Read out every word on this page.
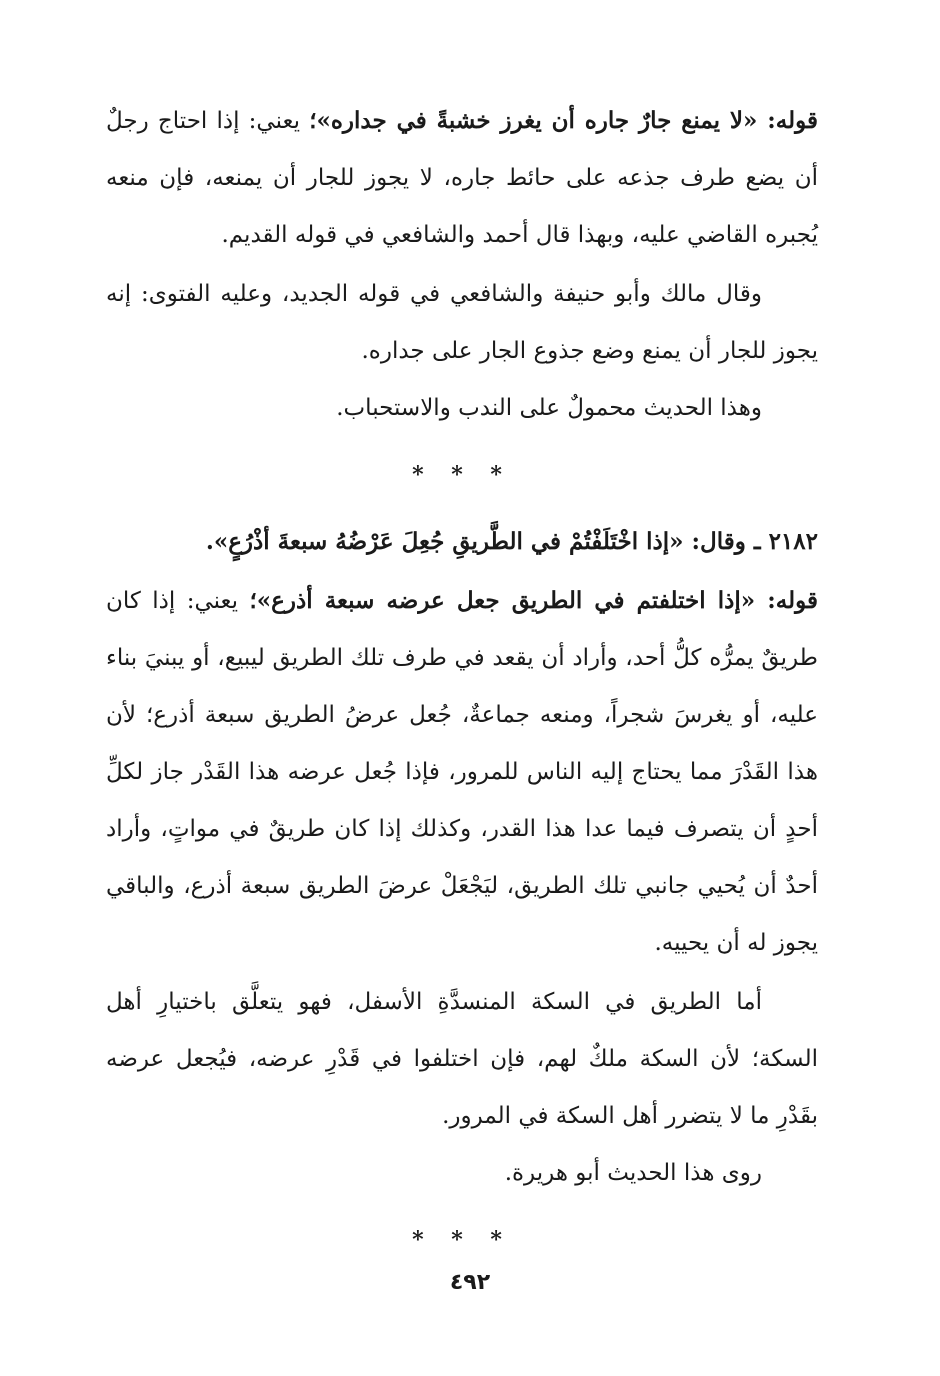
قوله: «لا يمنع جارٌ جاره أن يغرز خشبةً في جداره»؛ يعني: إذا احتاج رجلٌ أن يضع طرف جذعه على حائط جاره، لا يجوز للجار أن يمنعه، فإن منعه يُجبره القاضي عليه، وبهذا قال أحمد والشافعي في قوله القديم.

وقال مالك وأبو حنيفة والشافعي في قوله الجديد، وعليه الفتوى: إنه يجوز للجار أن يمنع وضع جذوع الجار على جداره.

وهذا الحديث محمولٌ على الندب والاستحباب.

* * *

٢١٨٢ ـ وقال: «إذا اخْتَلَفْتُمْ في الطَّريقِ جُعِلَ عَرْضُهُ سبعةَ أذْرُعٍ».

قوله: «إذا اختلفتم في الطريق جعل عرضه سبعة أذرع»؛ يعني: إذا كان طريقٌ يمرُّه كلُّ أحد، وأراد أن يقعد في طرف تلك الطريق ليبيع، أو يبنيَ بناء عليه، أو يغرسَ شجراً، ومنعه جماعةٌ، جُعل عرضُ الطريق سبعة أذرع؛ لأن هذا القَدْرَ مما يحتاج إليه الناس للمرور، فإذا جُعل عرضه هذا القَدْر جاز لكلِّ أحدٍ أن يتصرف فيما عدا هذا القدر، وكذلك إذا كان طريقٌ في مواتٍ، وأراد أحدٌ أن يُحيي جانبي تلك الطريق، ليَجْعَلْ عرضَ الطريق سبعة أذرع، والباقي يجوز له أن يحييه.

أما الطريق في السكة المنسدَّةِ الأسفل، فهو يتعلَّق باختيارِ أهل السكة؛ لأن السكة ملكٌ لهم، فإن اختلفوا في قَدْرِ عرضه، فيُجعل عرضه بقَدْرِ ما لا يتضرر أهل السكة في المرور.

روى هذا الحديث أبو هريرة.

* * *
٤٩٢
